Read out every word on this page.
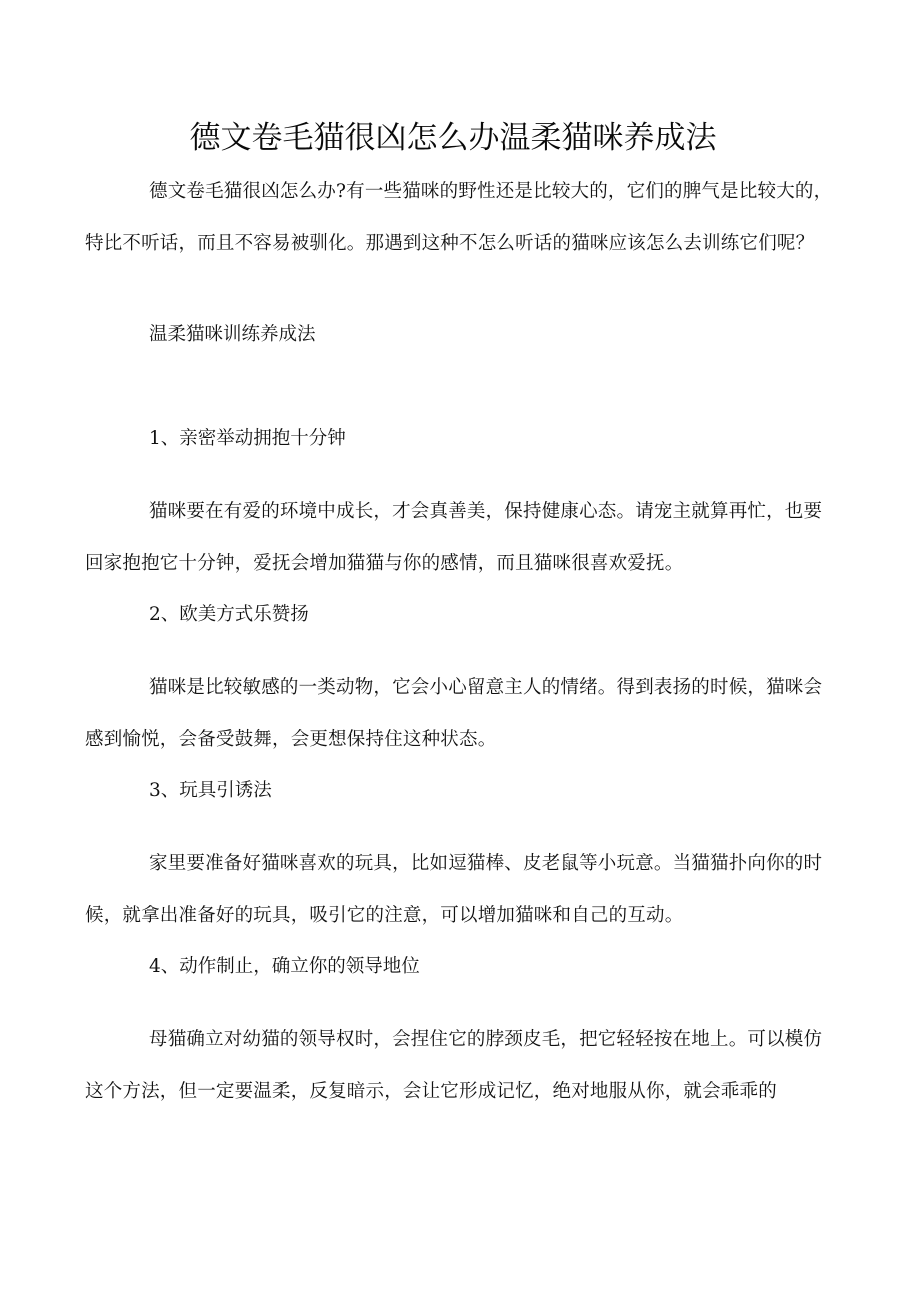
德文卷毛猫很凶怎么办温柔猫咪养成法

德文卷毛猫很凶怎么办?有一些猫咪的野性还是比较大的，它们的脾气是比较大的，特比不听话，而且不容易被驯化。那遇到这种不怎么听话的猫咪应该怎么去训练它们呢？

温柔猫咪训练养成法

1、亲密举动拥抱十分钟

猫咪要在有爱的环境中成长，才会真善美，保持健康心态。请宠主就算再忙，也要回家抱抱它十分钟，爱抚会增加猫猫与你的感情，而且猫咪很喜欢爱抚。

2、欧美方式乐赞扬

猫咪是比较敏感的一类动物，它会小心留意主人的情绪。得到表扬的时候，猫咪会感到愉悦，会备受鼓舞，会更想保持住这种状态。

3、玩具引诱法

家里要准备好猫咪喜欢的玩具，比如逗猫棒、皮老鼠等小玩意。当猫猫扑向你的时候，就拿出准备好的玩具，吸引它的注意，可以增加猫咪和自己的互动。

4、动作制止，确立你的领导地位

母猫确立对幼猫的领导权时，会捏住它的脖颈皮毛，把它轻轻按在地上。可以模仿这个方法，但一定要温柔，反复暗示，会让它形成记忆，绝对地服从你，就会乖乖的
